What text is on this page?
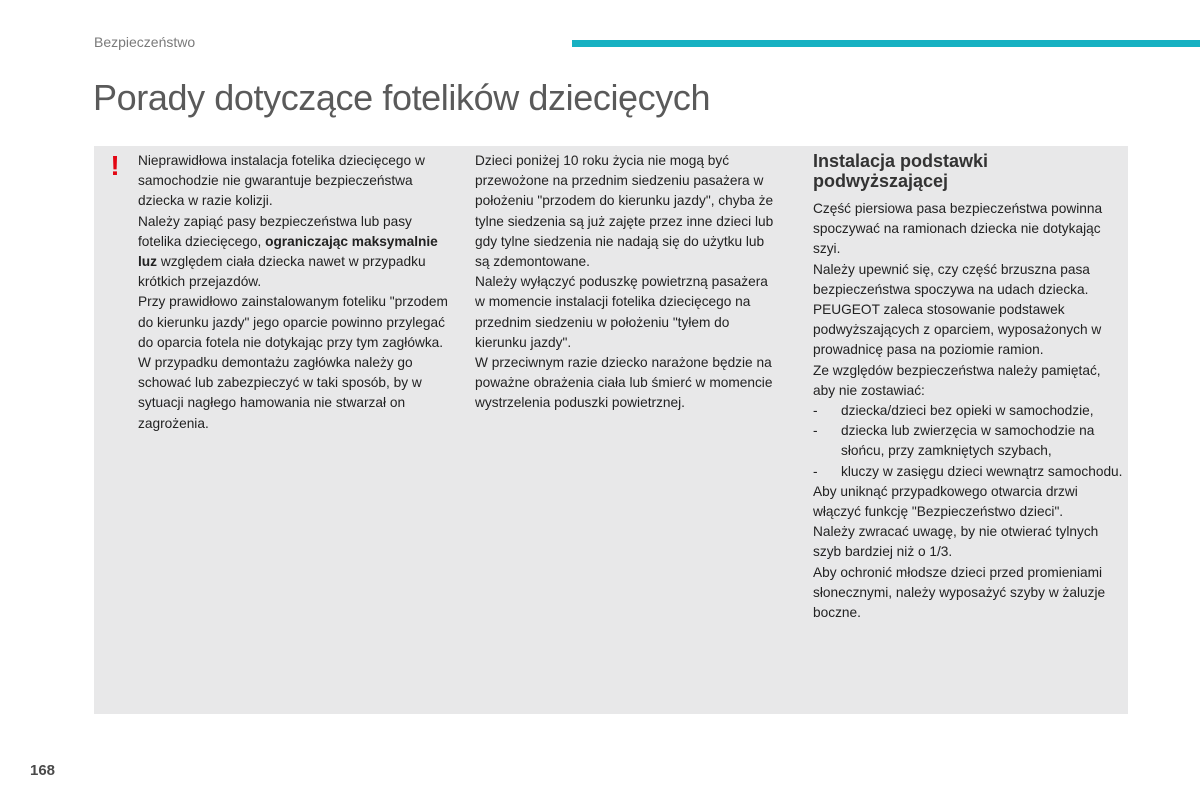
Bezpieczeństwo
Porady dotyczące fotelików dziecięcych
! Nieprawidłowa instalacja fotelika dziecięcego w samochodzie nie gwarantuje bezpieczeństwa dziecka w razie kolizji.
Należy zapiąć pasy bezpieczeństwa lub pasy fotelika dziecięcego, ograniczając maksymalnie luz względem ciała dziecka nawet w przypadku krótkich przejazdów.
Przy prawidłowo zainstalowanym foteliku "przodem do kierunku jazdy" jego oparcie powinno przylegać do oparcia fotela nie dotykając przy tym zagłówka.
W przypadku demontażu zagłówka należy go schować lub zabezpieczyć w taki sposób, by w sytuacji nagłego hamowania nie stwarzał on zagrożenia.

Dzieci poniżej 10 roku życia nie mogą być przewożone na przednim siedzeniu pasażera w położeniu "przodem do kierunku jazdy", chyba że tylne siedzenia są już zajęte przez inne dzieci lub gdy tylne siedzenia nie nadają się do użytku lub są zdemontowane.

Należy wyłączyć poduszkę powietrzną pasażera w momencie instalacji fotelika dziecięcego na przednim siedzeniu w położeniu "tyłem do kierunku jazdy".

W przeciwnym razie dziecko narażone będzie na poważne obrażenia ciała lub śmierć w momencie wystrzelenia poduszki powietrznej.

Instalacja podstawki podwyższającej

Część piersiowa pasa bezpieczeństwa powinna spoczywać na ramionach dziecka nie dotykając szyi.

Należy upewnić się, czy część brzuszna pasa bezpieczeństwa spoczywa na udach dziecka.

PEUGEOT zaleca stosowanie podstawek podwyższających z oparciem, wyposażonych w prowadnicę pasa na poziomie ramion.

Ze względów bezpieczeństwa należy pamiętać, aby nie zostawiać:

- dziecka/dzieci bez opieki w samochodzie,
- dziecka lub zwierzęcia w samochodzie na słońcu, przy zamkniętych szybach,
- kluczy w zasięgu dzieci wewnątrz samochodu.

Aby uniknąć przypadkowego otwarcia drzwi włączyć funkcję "Bezpieczeństwo dzieci".

Należy zwracać uwagę, by nie otwierać tylnych szyb bardziej niż o 1/3.

Aby ochronić młodsze dzieci przed promieniami słonecznymi, należy wyposażyć szyby w żaluzje boczne.

168
